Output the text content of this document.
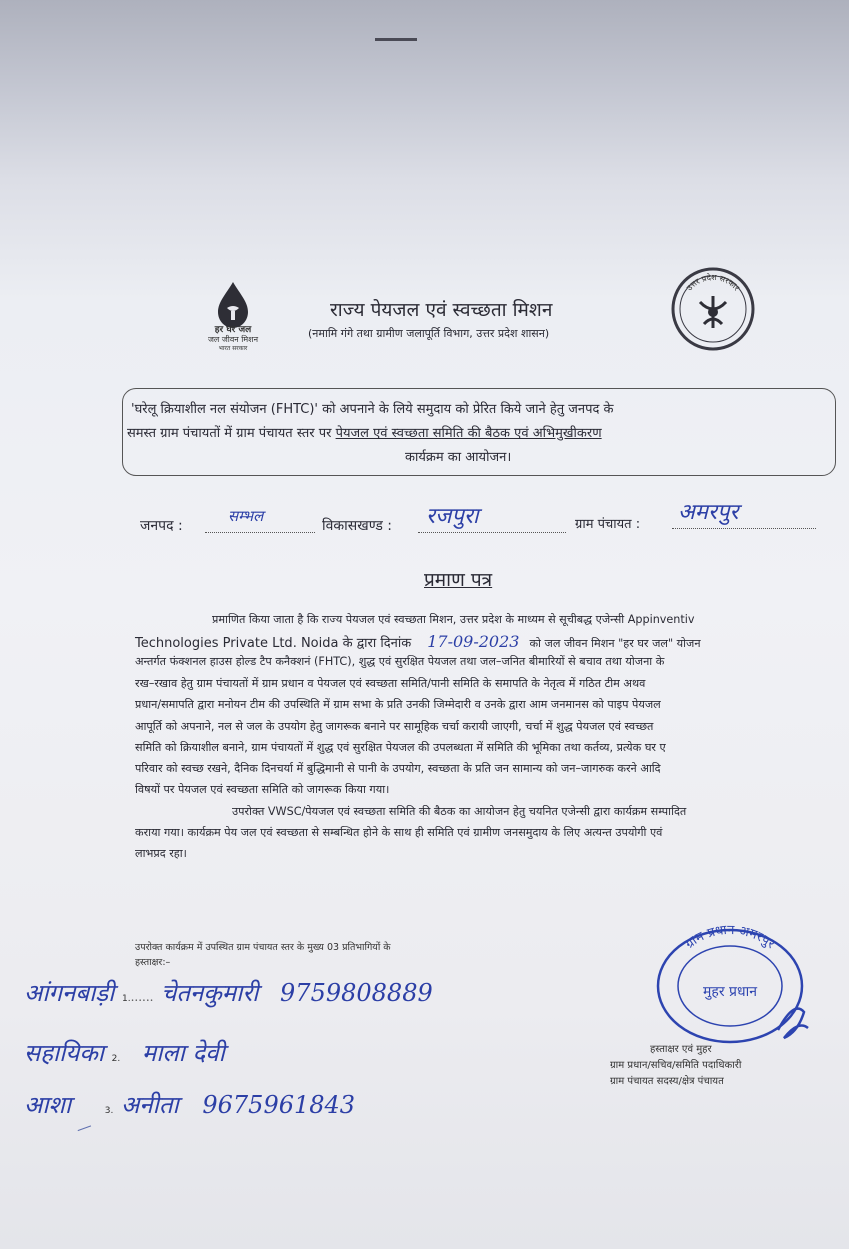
हर घर जल
जल जीवन मिशन
भारत सरकार
राज्य पेयजल एवं स्वच्छता मिशन
(नमामि गंगे तथा ग्रामीण जलापूर्ति विभाग, उत्तर प्रदेश शासन)
उत्तर प्रदेश सरकार
'घरेलू क्रियाशील नल संयोजन (FHTC)' को अपनाने के लिये समुदाय को प्रेरित किये जाने हेतु जनपद के
समस्त ग्राम पंचायतों में ग्राम पंचायत स्तर पर पेयजल एवं स्वच्छता समिति की बैठक एवं अभिमुखीकरण
कार्यक्रम का आयोजन।
जनपद :
सम्भल
विकासखण्ड : रजपुरा	ग्राम पंचायत : अमरपुर
प्रमाण पत्र
प्रमाणित किया जाता है कि राज्य पेयजल एवं स्वच्छता मिशन, उत्तर प्रदेश के माध्यम से सूचीबद्ध एजेन्सी Appinventiv
Technologies Private Ltd. Noida के द्वारा दिनांक 17-09-2023 को जल जीवन मिशन "हर घर जल" योजन
अन्तर्गत फंक्शनल हाउस होल्ड टैप कनैक्शनं (FHTC), शुद्ध एवं सुरक्षित पेयजल तथा जल–जनित बीमारियों से बचाव तथा योजना के
रख–रखाव हेतु ग्राम पंचायतों में ग्राम प्रधान व पेयजल एवं स्वच्छता समिति/पानी समिति के समापति के नेतृत्व में गठित टीम अथव
प्रधान/समापति द्वारा मनोयन टीम की उपस्थिति में ग्राम सभा के प्रति उनकी जिम्मेदारी व उनके द्वारा आम जनमानस को पाइप पेयजल
आपूर्ति को अपनाने, नल से जल के उपयोग हेतु जागरूक बनाने पर सामूहिक चर्चा करायी जाएगी, चर्चा में शुद्ध पेयजल एवं स्वच्छत
समिति को क्रियाशील बनाने, ग्राम पंचायतों में शुद्ध एवं सुरक्षित पेयजल की उपलब्धता में समिति की भूमिका तथा कर्तव्य, प्रत्येक घर ए
परिवार को स्वच्छ रखने, दैनिक दिनचर्या में बुद्धिमानी से पानी के उपयोग, स्वच्छता के प्रति जन सामान्य को जन–जागरुक करने आदि
विषयों पर पेयजल एवं स्वच्छता समिति को जागरूक किया गया।
उपरोक्त VWSC/पेयजल एवं स्वच्छता समिति की बैठक का आयोजन हेतु चयनित एजेन्सी द्वारा कार्यक्रम सम्पादित
कराया गया। कार्यक्रम पेय जल एवं स्वच्छता से सम्बन्धित होने के साथ ही समिति एवं ग्रामीण जनसमुदाय के लिए अत्यन्त उपयोगी एवं
लाभप्रद रहा।
उपरोक्त कार्यक्रम में उपस्थित ग्राम पंचायत स्तर के मुख्य 03 प्रतिभागियों के
हस्ताक्षर:–
आंगनबाड़ी 1....... चेतनकुमारी 9759808889
सहायिका 2. माला देवी
आशा	3. अनीता 9675961843
ग्राम प्रधान अमरपुर
मुहर प्रधान
हस्ताक्षर एवं मुहर
ग्राम प्रधान/सचिव/समिति पदाधिकारी
ग्राम पंचायत सदस्य/क्षेत्र पंचायत
